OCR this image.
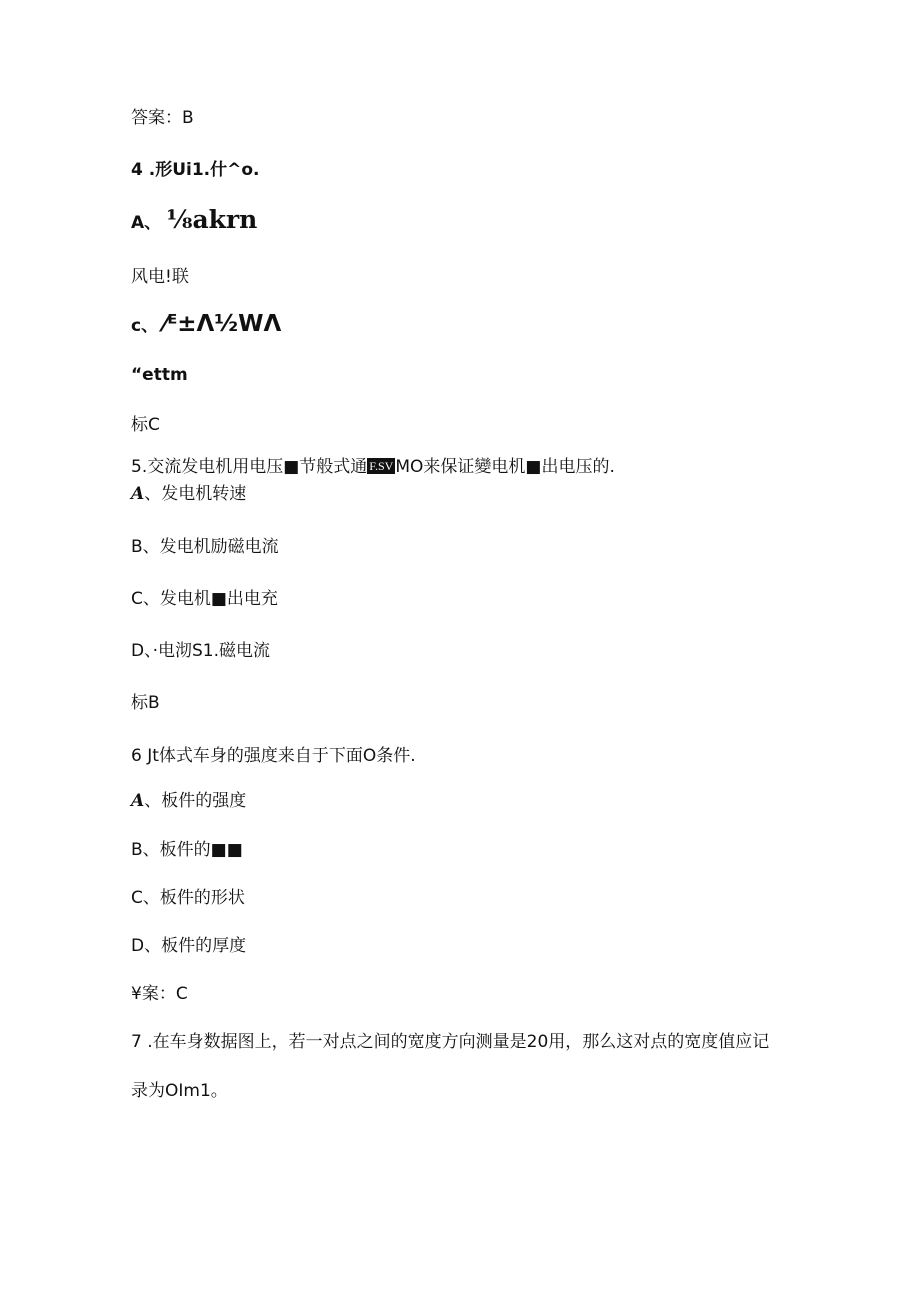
答案：B
4 .形Ui1.什^o.
A、 ⅛akrn
风电!联
c、 ⁄ᴱ±Λ½WΛ
“ettm
标C
5.交流发电机用电压■节般式通 F.SV MO来保证變电机■出电压的.
A、发电机转速
B、发电机励磁电流
C、发电机■出电充
D、·电沏S1.磁电流
标B
6 Jt体式车身的强度来自于下面O条件.
A、板件的强度
B、板件的■■
C、板件的形状
D、板件的厚度
¥案：C
7 .在车身数据图上，若一对点之间的宽度方向测量是20用，那么这对点的宽度值应记
录为OIm1。
